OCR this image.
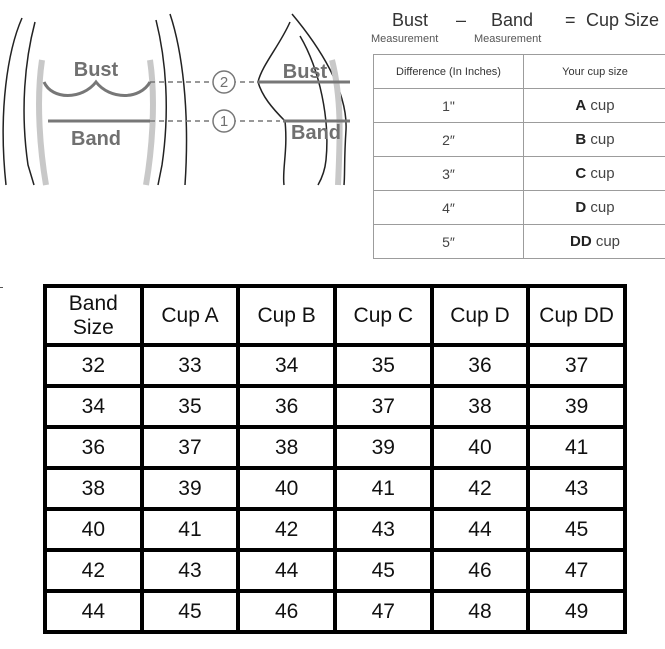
2
1
Bust
Band
Bust
Band
Bust – Band = Cup Size
Measurement	Measurement
Difference (In Inches)	Your cup size
1"	A cup
2″	B cup
3″	C cup
4″	D cup
5″	DD cup
Band Size	Cup A	Cup B	Cup C	Cup D	Cup DD
32	33	34	35	36	37
34	35	36	37	38	39
36	37	38	39	40	41
38	39	40	41	42	43
40	41	42	43	44	45
42	43	44	45	46	47
44	45	46	47	48	49
